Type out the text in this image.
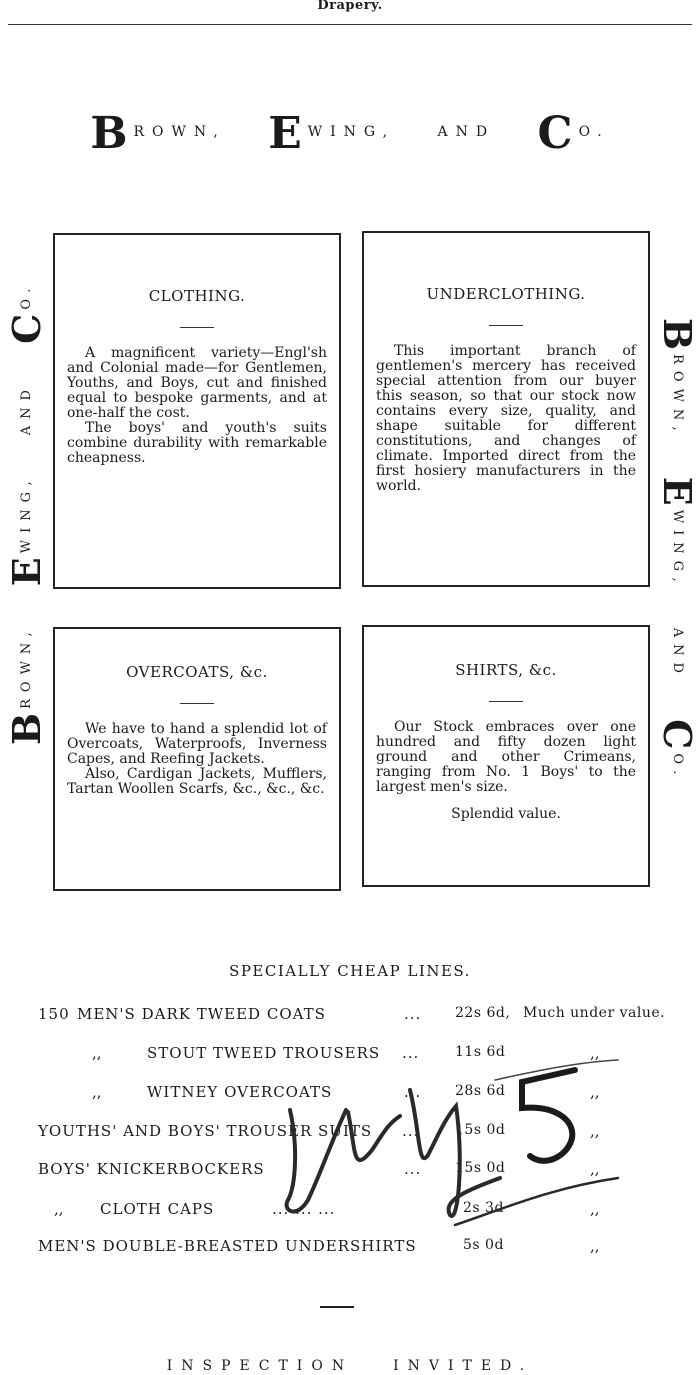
Drapery.
BROWN, E WING,	AND C O.
BROWN, EWING, AND CO.
BROWN, EWING, AND CO.
CLOTHING.

A magnificent variety—Engl'sh and Colonial made—for Gentlemen, Youths, and Boys, cut and finished equal to bespoke garments, and at one-half the cost.

The boys' and youth's suits combine durability with remarkable cheapness.

UNDERCLOTHING.

This important branch of gentlemen's mercery has received special attention from our buyer this season, so that our stock now contains every size, quality, and shape suitable for different constitutions, and changes of climate. Imported direct from the first hosiery manufacturers in the world.

OVERCOATS, &c.

We have to hand a splendid lot of Overcoats, Waterproofs, Inverness Capes, and Reefing Jackets.

Also, Cardigan Jackets, Mufflers, Tartan Woollen Scarfs, &c., &c., &c.

SHIRTS, &c.

Our Stock embraces over one hundred and fifty dozen light ground and other Crimeans, ranging from No. 1 Boys' to the largest men's size.

Splendid value.

SPECIALLY CHEAP LINES.
150 MEN'S DARK TWEED COATS	... 22s 6d, Much under value.
,,	STOUT TWEED TROUSERS ...	11s 6d	,,
,,	WITNEY OVERCOATS	... 28s 6d	,,
YOUTHS' AND BOYS' TROUSER SUITS ...	15s 0d	,,
BOYS' KNICKERBOCKERS	... 15s 0d	,,
,, CLOTH CAPS	... ... ...	2s 3d	,,
MEN'S DOUBLE-BREASTED UNDERSHIRTS	5s 0d	,,
INSPECTION	INVITED.
